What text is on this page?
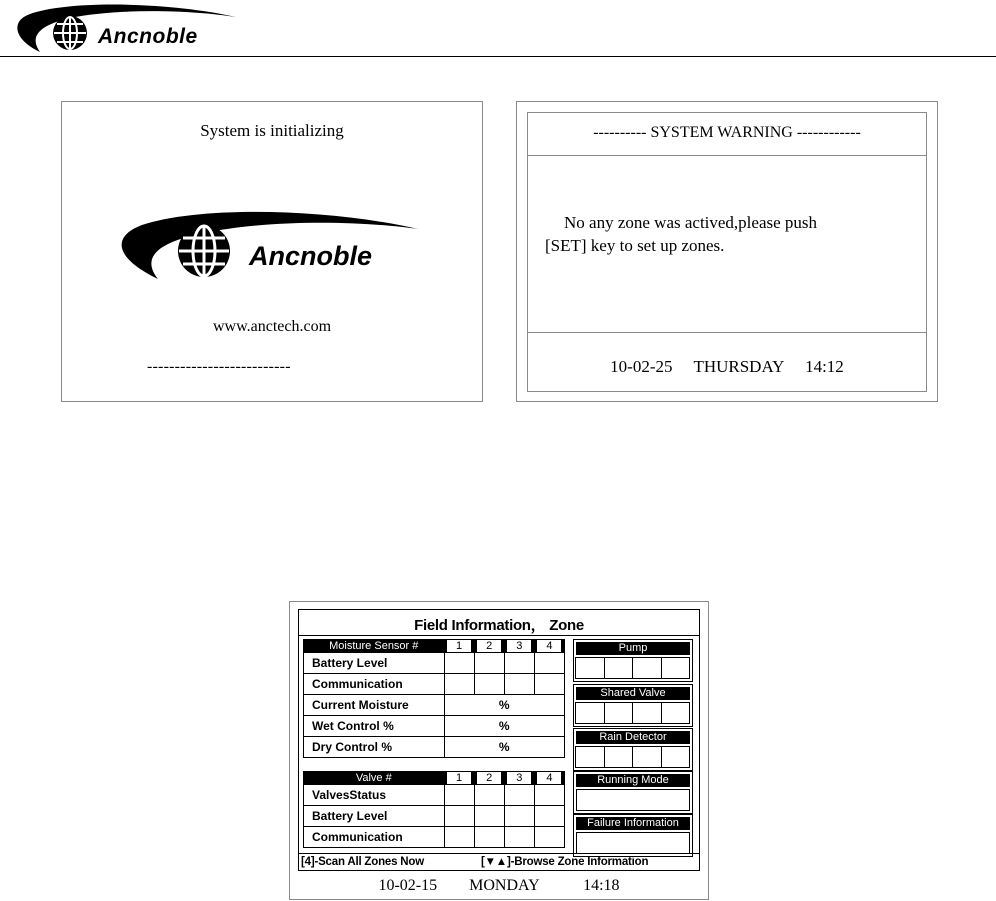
Ancnoble
System is initializing
Ancnoble
www.anctech.com
--------------------------
---------- SYSTEM WARNING ------------
No any zone was actived,please push
[SET] key to set up zones.
10-02-25 THURSDAY 14:12
Field Information， Zone
Moisture Sensor #	1	2	3	4
Battery Level				
Communication				
Current Moisture	%			
Wet Control %	%			
Dry Control %	%			
Valve #	1	2	3	4
ValvesStatus				
Battery Level				
Communication				
Pump
Shared Valve
Rain Detector
Running Mode
Failure Information
[4]-Scan All Zones Now	[▼▲]-Browse Zone Information
10-02-15 MONDAY	14:18
